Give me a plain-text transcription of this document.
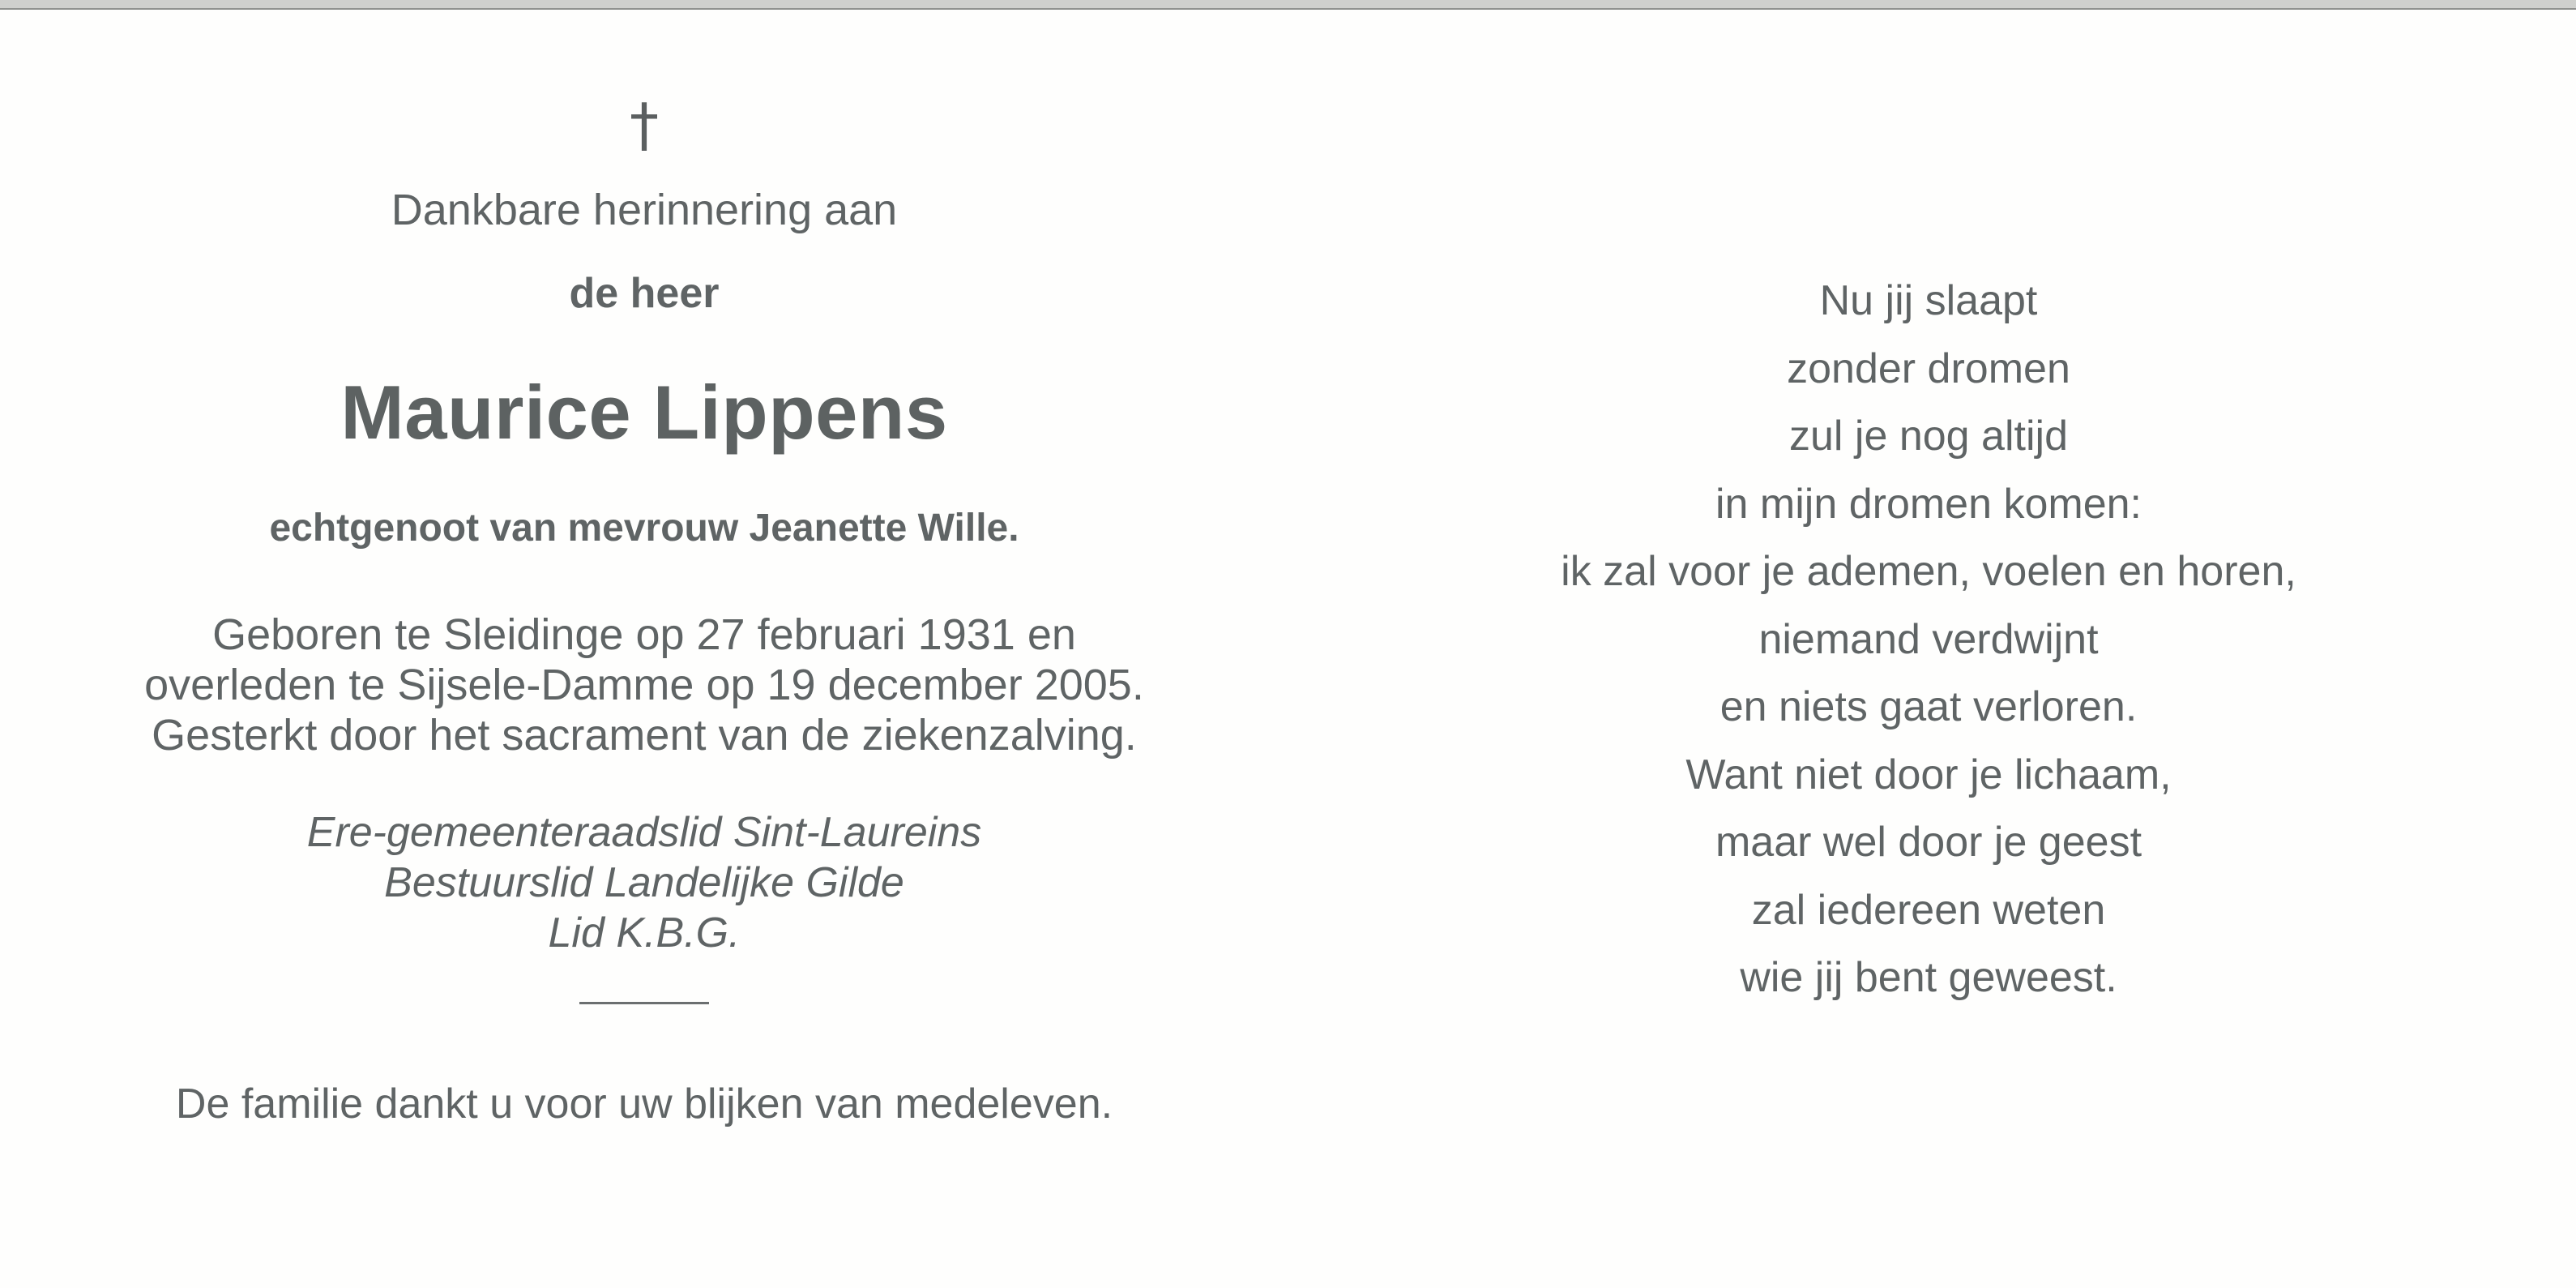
†
Dankbare herinnering aan
de heer
Maurice Lippens
echtgenoot van mevrouw Jeanette Wille.
Geboren te Sleidinge op 27 februari 1931 en
overleden te Sijsele-Damme op 19 december 2005.
Gesterkt door het sacrament van de ziekenzalving.
Ere-gemeenteraadslid Sint-Laureins
Bestuurslid Landelijke Gilde
Lid K.B.G.
De familie dankt u voor uw blijken van medeleven.
Nu jij slaapt
zonder dromen
zul je nog altijd
in mijn dromen komen:
ik zal voor je ademen, voelen en horen,
niemand verdwijnt
en niets gaat verloren.
Want niet door je lichaam,
maar wel door je geest
zal iedereen weten
wie jij bent geweest.
